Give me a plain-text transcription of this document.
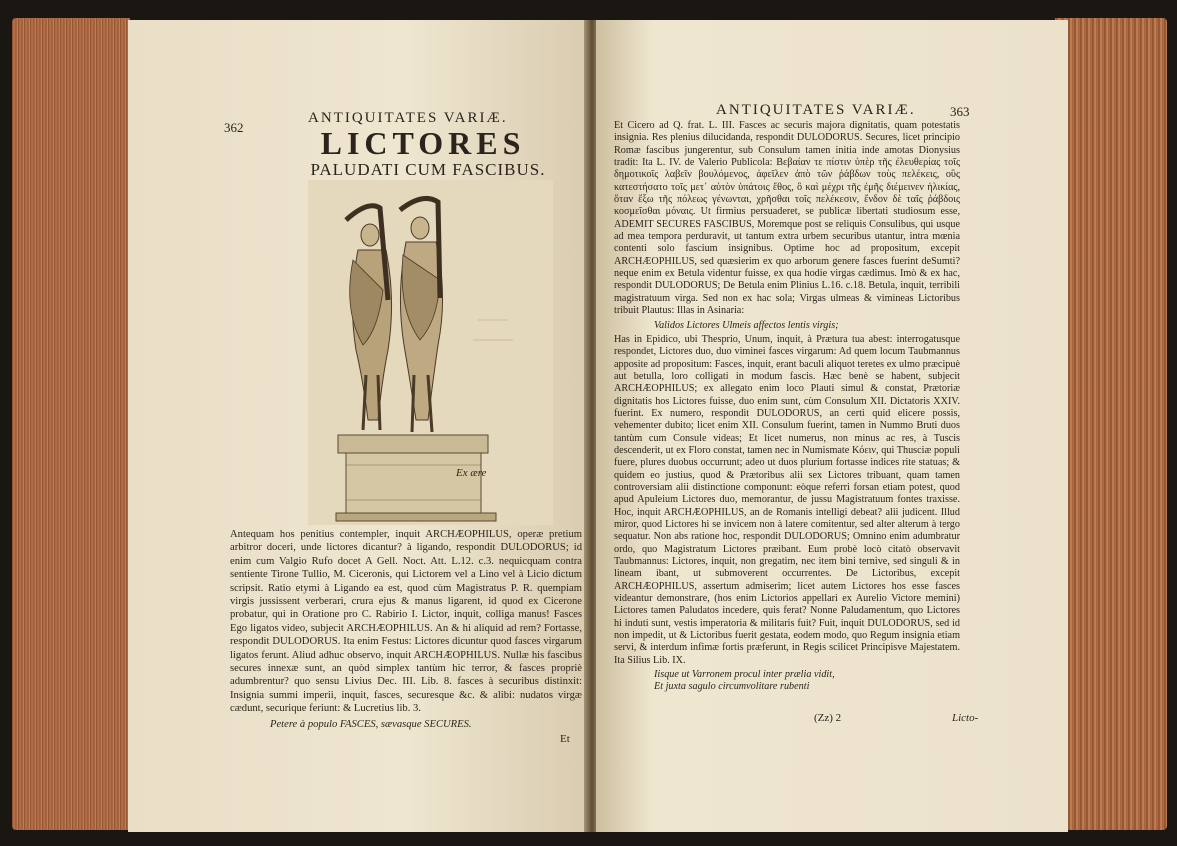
362
ANTIQUITATES VARIÆ.
LICTORES
PALUDATI CUM FASCIBUS.
Ex ære

Antequam hos penitius contempler, inquit ARCHÆOPHILUS, operæ pretium arbitror doceri, unde lictores dicantur? à ligando, respondit DULODORUS; id enim cum Valgio Rufo docet A Gell. Noct. Att. L.12. c.3. nequicquam contra sentiente Tirone Tullio, M. Ciceronis, qui Lictorem vel a Lino vel à Licio dictum scripsit. Ratio etymi à Ligando ea est, quod cùm Magistratus P. R. quempiam virgis jussissent verberari, crura ejus & manus ligarent, id quod ex Cicerone probatur, qui in Oratione pro C. Rabirio I. Lictor, inquit, colliga manus! Fasces Ego ligatos video, subjecit ARCHÆOPHILUS. An & hi aliquid ad rem? Fortasse, respondit DULODORUS. Ita enim Festus: Lictores dicuntur quod fasces virgarum ligatos ferunt. Aliud adhuc observo, inquit ARCHÆOPHILUS. Nullæ his fascibus secures innexæ sunt, an quòd simplex tantùm hic terror, & fasces propriè adumbrentur? quo sensu Livius Dec. III. Lib. 8. fasces à securibus distinxit: Insignia summi imperii, inquit, fasces, securesque &c. & alibi: nudatos virgæ cædunt, securique feriunt: & Lucretius lib. 3.

Petere à populo FASCES, sævasque SECURES.

Et
ANTIQUITATES VARIÆ.	363

Et Cicero ad Q. frat. L. III. Fasces ac securis majora dignitatis, quam potestatis insignia. Res plenius dilucidanda, respondit DULODORUS. Secures, licet principio Romæ fascibus jungerentur, sub Consulum tamen initia inde amotas Dionysius tradit: Ita L. IV. de Valerio Publicola: Βεβαίαν τε πίστιν ὑπὲρ τῆς ἐλευθερίας τοῖς δημοτικοῖς λαβεῖν βουλόμενος, ἀφεῖλεν ἀπὸ τῶν ῥάβδων τοὺς πελέκεις, οὓς κατεστήσατο τοῖς μετ᾽ αὐτὸν ὑπάτοις ἔθος, ὃ καὶ μέχρι τῆς ἐμῆς διέμεινεν ἡλικίας, ὅταν ἔξω τῆς πόλεως γένωνται, χρῆσθαι τοῖς πελέκεσιν, ἔνδον δὲ ταῖς ῥάβδοις κοσμεῖσθαι μόναις. Ut firmius persuaderet, se publicæ libertati studiosum esse, ADEMIT SECURES FASCIBUS, Moremque post se reliquis Consulibus, qui usque ad mea tempora perduravit, ut tantum extra urbem securibus utantur, intra mœnia contenti solo fascium insignibus. Optime hoc ad propositum, excepit ARCHÆOPHILUS, sed quæsierim ex quo arborum genere fasces fuerint deSumti? neque enim ex Betula videntur fuisse, ex qua hodie virgas cædimus. Imò & ex hac, respondit DULODORUS; De Betula enim Plinius L.16. c.18. Betula, inquit, terribili magistratuum virga. Sed non ex hac sola; Virgas ulmeas & vimineas Lictoribus tribuit Plautus: Illas in Asinaria:

Validos Lictores Ulmeis affectos lentis virgis;

Has in Epidico, ubi Thesprio, Unum, inquit, à Prætura tua abest: interrogatusque respondet, Lictores duo, duo viminei fasces virgarum: Ad quem locum Taubmannus apposite ad propositum: Fasces, inquit, erant baculi aliquot teretes ex ulmo præcipuè aut betulla, loro colligati in modum fascis. Hæc benè se habent, subjecit ARCHÆOPHILUS; ex allegato enim loco Plauti simul & constat, Prætoriæ dignitatis hos Lictores fuisse, duo enim sunt, cùm Consulum XII. Dictatoris XXIV. fuerint. Ex numero, respondit DULODORUS, an certi quid elicere possis, vehementer dubito; licet enim XII. Consulum fuerint, tamen in Nummo Bruti duos tantùm cum Consule videas; Et licet numerus, non minus ac res, à Tuscis descenderit, ut ex Floro constat, tamen nec in Numismate Kόειν, qui Thusciæ populi fuere, plures duobus occurrunt; adeo ut duos plurium fortasse indices rite statuas; & quidem eo justius, quod & Prætoribus alii sex Lictores tribuant, quam tamen controversiam alii distinctione componunt: eòque referri forsan etiam potest, quod apud Apuleium Lictores duo, memorantur, de jussu Magistratuum fontes traxisse. Hoc, inquit ARCHÆOPHILUS, an de Romanis intelligi debeat? alii judicent. Illud miror, quod Lictores hi se invicem non à latere comitentur, sed alter alterum à tergo sequatur. Non abs ratione hoc, respondit DULODORUS; Omnino enim adumbratur ordo, quo Magistratum Lictores præibant. Eum probè locò citatò observavit Taubmannus: Lictores, inquit, non gregatim, nec item bini ternive, sed singuli & in lineam ibant, ut submoverent occurrentes. De Lictoribus, excepit ARCHÆOPHILUS, assertum admiserim; licet autem Lictores hos esse fasces videantur demonstrare, (hos enim Lictorios appellari ex Aurelio Victore memini) Lictores tamen Paludatos incedere, quis ferat? Nonne Paludamentum, quo Lictores hi induti sunt, vestis imperatoria & militaris fuit? Fuit, inquit DULODORUS, sed id non impedit, ut & Lictoribus fuerit gestata, eodem modo, quo Regum insignia etiam servi, & interdum infimæ fortis præferunt, in Regis scilicet Principisve Majestatem. Ita Silius Lib. IX.

Iisque ut Varronem procul inter prælia vidit,

Et juxta sagulo circumvolitare rubenti

(Zz) 2	Licto-
